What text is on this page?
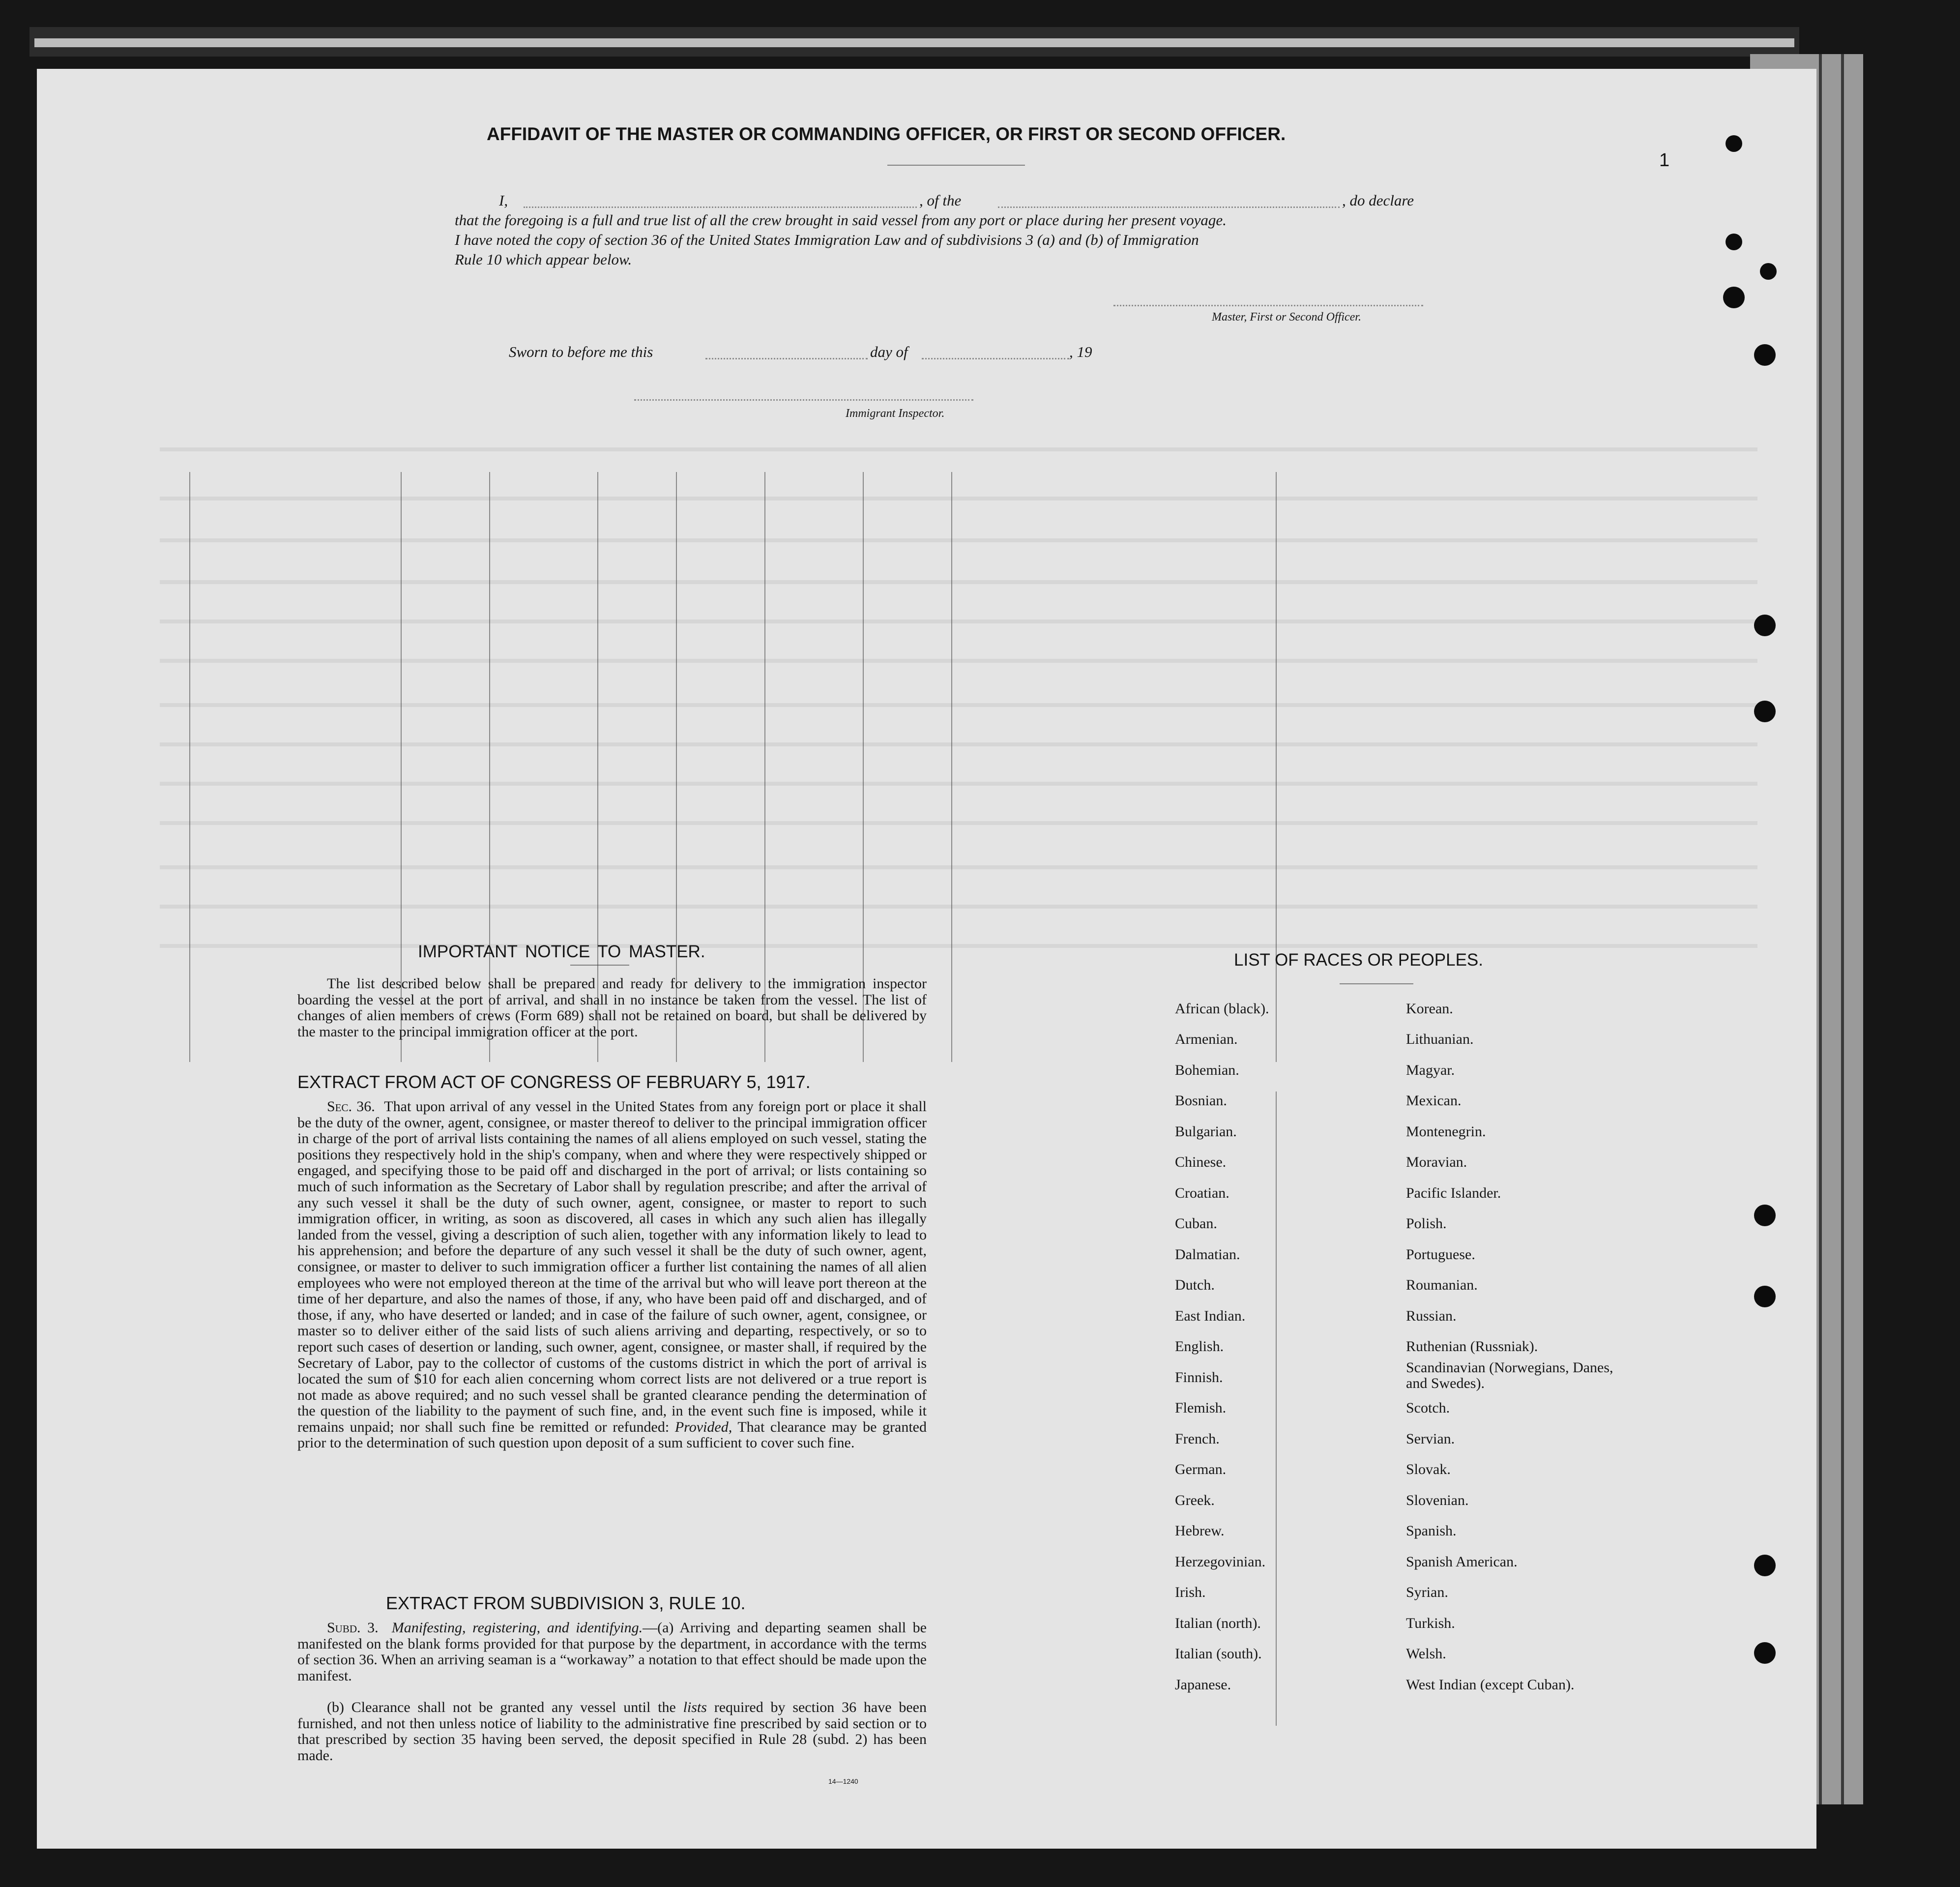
AFFIDAVIT OF THE MASTER OR COMMANDING OFFICER, OR FIRST OR SECOND OFFICER.
1
I,	, of the	, do declare
that the foregoing is a full and true list of all the crew brought in said vessel from any port or place during her present voyage.
I have noted the copy of section 36 of the United States Immigration Law and of subdivisions 3 (a) and (b) of Immigration
Rule 10 which appear below.
Master, First or Second Officer.
Sworn to before me this	day of	, 19
Immigrant Inspector.
IMPORTANT NOTICE TO MASTER.
The list described below shall be prepared and ready for delivery to the immigration inspector boarding the vessel at the port of arrival, and shall in no instance be taken from the vessel. The list of changes of alien members of crews (Form 689) shall not be retained on board, but shall be delivered by the master to the principal immigration officer at the port.
EXTRACT FROM ACT OF CONGRESS OF FEBRUARY 5, 1917.
Sec. 36. That upon arrival of any vessel in the United States from any foreign port or place it shall be the duty of the owner, agent, consignee, or master thereof to deliver to the principal immigration officer in charge of the port of arrival lists containing the names of all aliens employed on such vessel, stating the positions they respectively hold in the ship's company, when and where they were respectively shipped or engaged, and specifying those to be paid off and discharged in the port of arrival; or lists containing so much of such information as the Secretary of Labor shall by regulation prescribe; and after the arrival of any such vessel it shall be the duty of such owner, agent, consignee, or master to report to such immigration officer, in writing, as soon as discovered, all cases in which any such alien has illegally landed from the vessel, giving a description of such alien, together with any information likely to lead to his apprehension; and before the departure of any such vessel it shall be the duty of such owner, agent, consignee, or master to deliver to such immigration officer a further list containing the names of all alien employees who were not employed thereon at the time of the arrival but who will leave port thereon at the time of her departure, and also the names of those, if any, who have been paid off and discharged, and of those, if any, who have deserted or landed; and in case of the failure of such owner, agent, consignee, or master so to deliver either of the said lists of such aliens arriving and departing, respectively, or so to report such cases of desertion or landing, such owner, agent, consignee, or master shall, if required by the Secretary of Labor, pay to the collector of customs of the customs district in which the port of arrival is located the sum of $10 for each alien concerning whom correct lists are not delivered or a true report is not made as above required; and no such vessel shall be granted clearance pending the determination of the question of the liability to the payment of such fine, and, in the event such fine is imposed, while it remains unpaid; nor shall such fine be remitted or refunded: Provided, That clearance may be granted prior to the determination of such question upon deposit of a sum sufficient to cover such fine.
EXTRACT FROM SUBDIVISION 3, RULE 10.
Subd. 3. Manifesting, registering, and identifying.—(a) Arriving and departing seamen shall be manifested on the blank forms provided for that purpose by the department, in accordance with the terms of section 36. When an arriving seaman is a “workaway” a notation to that effect should be made upon the manifest.
(b) Clearance shall not be granted any vessel until the lists required by section 36 have been furnished, and not then unless notice of liability to the administrative fine prescribed by said section or to that prescribed by section 35 having been served, the deposit specified in Rule 28 (subd. 2) has been made.
14—1240
LIST OF RACES OR PEOPLES.
African (black).
Armenian.
Bohemian.
Bosnian.
Bulgarian.
Chinese.
Croatian.
Cuban.
Dalmatian.
Dutch.
East Indian.
English.
Finnish.
Flemish.
French.
German.
Greek.
Hebrew.
Herzegovinian.
Irish.
Italian (north).
Italian (south).
Japanese.
Korean.
Lithuanian.
Magyar.
Mexican.
Montenegrin.
Moravian.
Pacific Islander.
Polish.
Portuguese.
Roumanian.
Russian.
Ruthenian (Russniak).
Scandinavian (Norwegians, Danes, and Swedes).
Scotch.
Servian.
Slovak.
Slovenian.
Spanish.
Spanish American.
Syrian.
Turkish.
Welsh.
West Indian (except Cuban).
